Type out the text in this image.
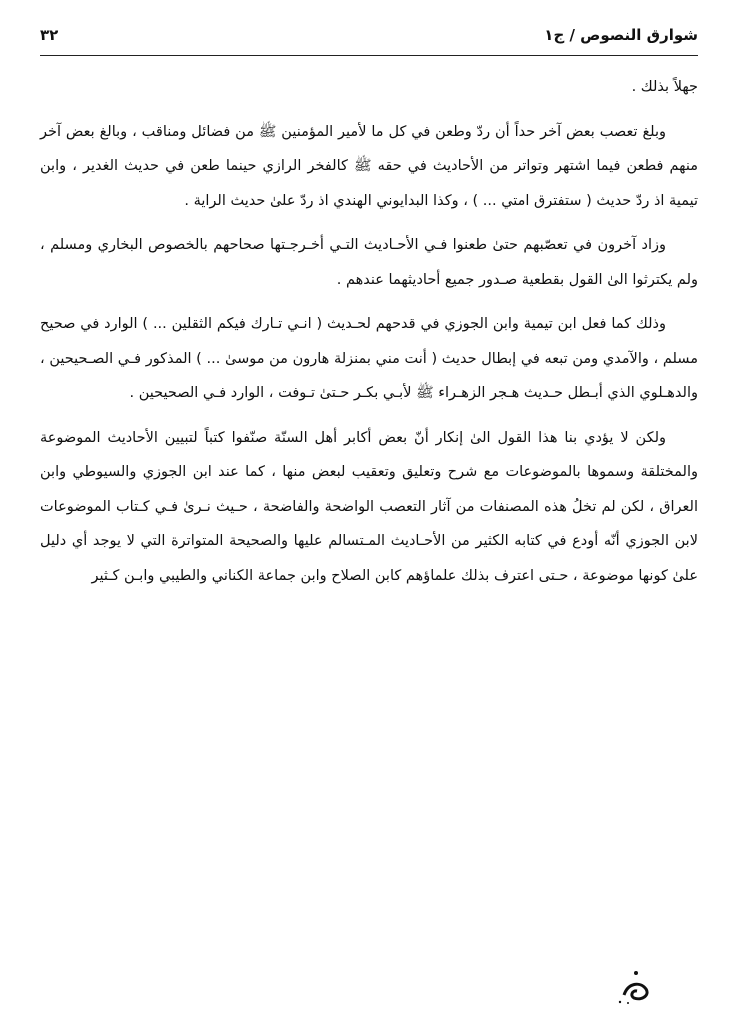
شوارق النصوص / ج١
٣٢

جهلاً بذلك .

وبلغ تعصب بعض آخر حداً أن ردّ وطعن في كل ما لأمير المؤمنين ﷺ من فضائل ومناقب ، وبالغ بعض آخر منهم فطعن فيما اشتهر وتواتر من الأحاديث في حقه ﷺ كالفخر الرازي حينما طعن في حديث الغدير ، وابن تيمية اذ ردّ حديث ( ستفترق امتي ... ) ، وكذا البدايوني الهندي اذ ردّ علىٰ حديث الراية .

وزاد آخرون في تعصّبهم حتىٰ طعنوا فـي الأحـاديث التـي أخـرجـتها صحاحهم بالخصوص البخاري ومسلم ، ولم يكترثوا الىٰ القول بقطعية صـدور جميع أحاديثهما عندهم .

وذلك كما فعل ابن تيمية وابن الجوزي في قدحهم لحـديث ( انـي تـارك فيكم الثقلين ... ) الوارد في صحيح مسلم ، والآمدي ومن تبعه في إبطال حديث ( أنت مني بمنزلة هارون من موسىٰ ... ) المذكور فـي الصـحيحين ، والدهـلوي الذي أبـطل حـديث هـجر الزهـراء ﷺ لأبـي بكـر حـتىٰ تـوفت ، الوارد فـي الصحيحين .

ولكن لا يؤدي بنا هذا القول الىٰ إنكار أنّ بعض أكابر أهل السنّة صنّفوا كتباً لتبيين الأحاديث الموضوعة والمختلقة وسموها بالموضوعات مع شرح وتعليق وتعقيب لبعض منها ، كما عند ابن الجوزي والسيوطي وابن العراق ، لكن لم تخلُ هذه المصنفات من آثار التعصب الواضحة والفاضحة ، حـيث نـرىٰ فـي كـتاب الموضوعات لابن الجوزي أنّه أودع في كتابه الكثير من الأحـاديث المـتسالم عليها والصحيحة المتواترة التي لا يوجد أي دليل علىٰ كونها موضوعة ، حـتى اعترف بذلك علماؤهم كابن الصلاح وابن جماعة الكناني والطيبي وابـن كـثير
